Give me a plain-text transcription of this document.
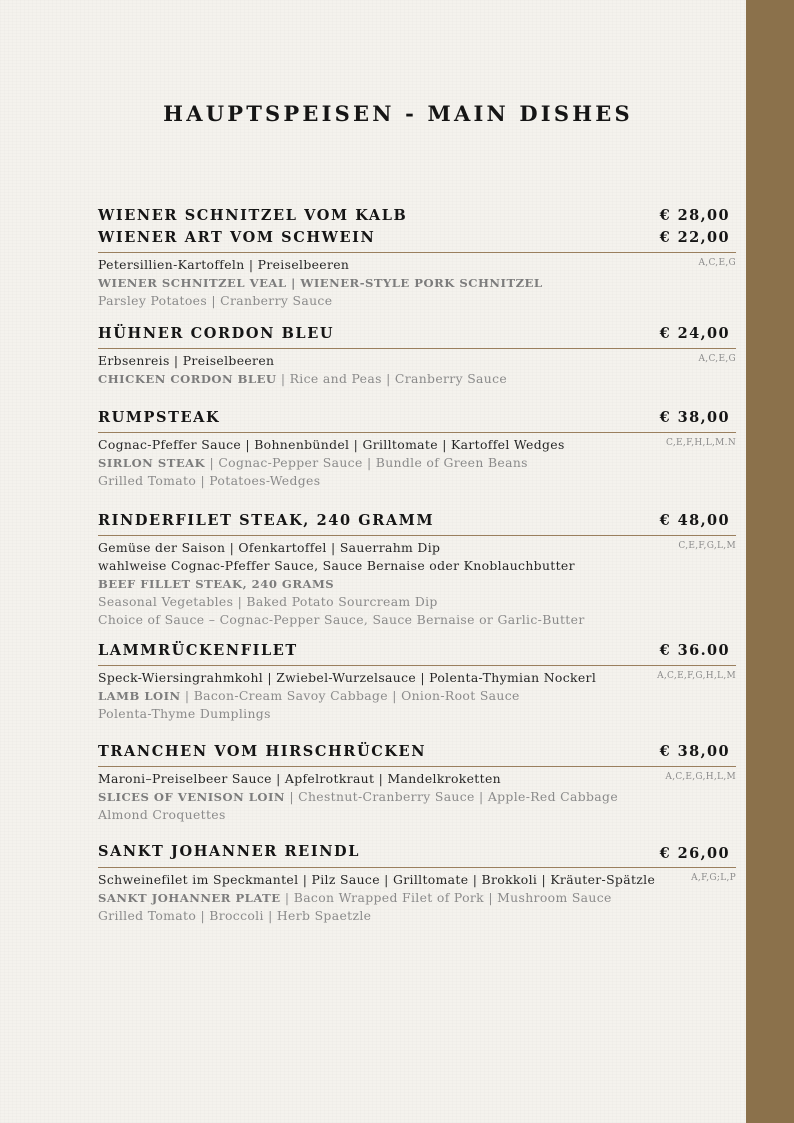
HAUPTSPEISEN - MAIN DISHES
WIENER SCHNITZEL VOM KALB	€ 28,00
WIENER ART VOM SCHWEIN	€ 22,00
Petersillien-Kartoffeln | Preiselbeeren	A,C,E,G
WIENER SCHNITZEL VEAL | WIENER-STYLE PORK SCHNITZEL
Parsley Potatoes | Cranberry Sauce
HÜHNER CORDON BLEU	€ 24,00
Erbsenreis | Preiselbeeren	A,C,E,G
CHICKEN CORDON BLEU | Rice and Peas | Cranberry Sauce
RUMPSTEAK	€ 38,00
Cognac-Pfeffer Sauce | Bohnenbündel | Grilltomate | Kartoffel Wedges	C,E,F,H,L,M.N
SIRLON STEAK | Cognac-Pepper Sauce | Bundle of Green Beans
Grilled Tomato | Potatoes-Wedges
RINDERFILET STEAK, 240 GRAMM	€ 48,00
Gemüse der Saison | Ofenkartoffel | Sauerrahm Dip	C,E,F,G,L,M
wahlweise Cognac-Pfeffer Sauce, Sauce Bernaise oder Knoblauchbutter
BEEF FILLET STEAK, 240 GRAMS
Seasonal Vegetables | Baked Potato Sourcream Dip
Choice of Sauce – Cognac-Pepper Sauce, Sauce Bernaise or Garlic-Butter
LAMMRÜCKENFILET	€ 36.00
Speck-Wiersingrahmkohl | Zwiebel-Wurzelsauce | Polenta-Thymian Nockerl	A,C,E,F,G,H,L,M
LAMB LOIN | Bacon-Cream Savoy Cabbage | Onion-Root Sauce
Polenta-Thyme Dumplings
TRANCHEN VOM HIRSCHRÜCKEN	€ 38,00
Maroni–Preiselbeer Sauce | Apfelrotkraut | Mandelkroketten	A,C,E,G,H,L,M
SLICES OF VENISON LOIN | Chestnut-Cranberry Sauce | Apple-Red Cabbage
Almond Croquettes
SANKT JOHANNER REINDL	€ 26,00
Schweinefilet im Speckmantel | Pilz Sauce | Grilltomate | Brokkoli | Kräuter-Spätzle	A,F,G;L,P
SANKT JOHANNER PLATE | Bacon Wrapped Filet of Pork | Mushroom Sauce
Grilled Tomato | Broccoli | Herb Spaetzle
